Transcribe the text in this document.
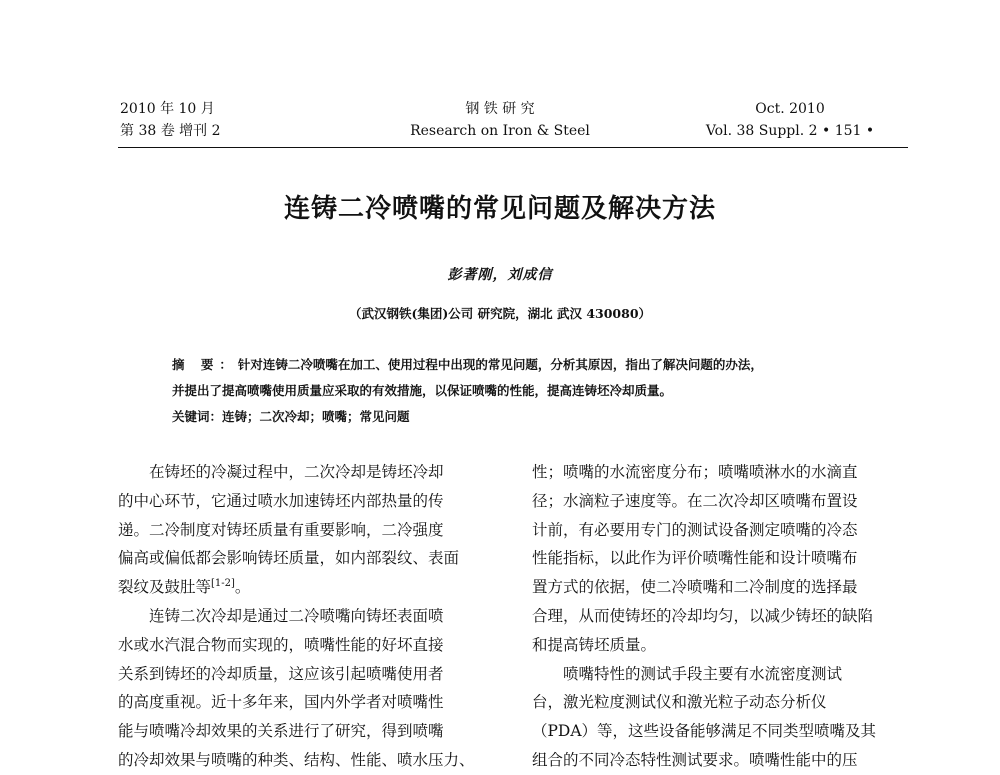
2010 年 10 月
第 38 卷 增刊 2
钢 铁 研 究
Research on Iron & Steel
Oct. 2010
Vol. 38 Suppl. 2 • 151 •
连铸二冷喷嘴的常见问题及解决方法
彭著刚，刘成信
（武汉钢铁(集团)公司 研究院，湖北 武汉 430080）
摘 要：针对连铸二冷喷嘴在加工、使用过程中出现的常见问题，分析其原因，指出了解决问题的办法，
并提出了提高喷嘴使用质量应采取的有效措施，以保证喷嘴的性能，提高连铸坯冷却质量。
关键词：连铸；二次冷却；喷嘴；常见问题

在铸坯的冷凝过程中，二次冷却是铸坯冷却
的中心环节，它通过喷水加速铸坯内部热量的传
递。二冷制度对铸坯质量有重要影响，二冷强度
偏高或偏低都会影响铸坯质量，如内部裂纹、表面
裂纹及鼓肚等[1-2]。

连铸二次冷却是通过二冷喷嘴向铸坯表面喷
水或水汽混合物而实现的，喷嘴性能的好坏直接
关系到铸坯的冷却质量，这应该引起喷嘴使用者
的高度重视。近十多年来，国内外学者对喷嘴性
能与喷嘴冷却效果的关系进行了研究，得到喷嘴
的冷却效果与喷嘴的种类、结构、性能、喷水压力、

性；喷嘴的水流密度分布；喷嘴喷淋水的水滴直
径；水滴粒子速度等。在二次冷却区喷嘴布置设
计前，有必要用专门的测试设备测定喷嘴的冷态
性能指标，以此作为评价喷嘴性能和设计喷嘴布
置方式的依据，使二冷喷嘴和二冷制度的选择最
合理，从而使铸坯的冷却均匀，以减少铸坯的缺陷
和提高铸坯质量。

喷嘴特性的测试手段主要有水流密度测试
台，激光粒度测试仪和激光粒子动态分析仪
（PDA）等，这些设备能够满足不同类型喷嘴及其
组合的不同冷态特性测试要求。喷嘴性能中的压
